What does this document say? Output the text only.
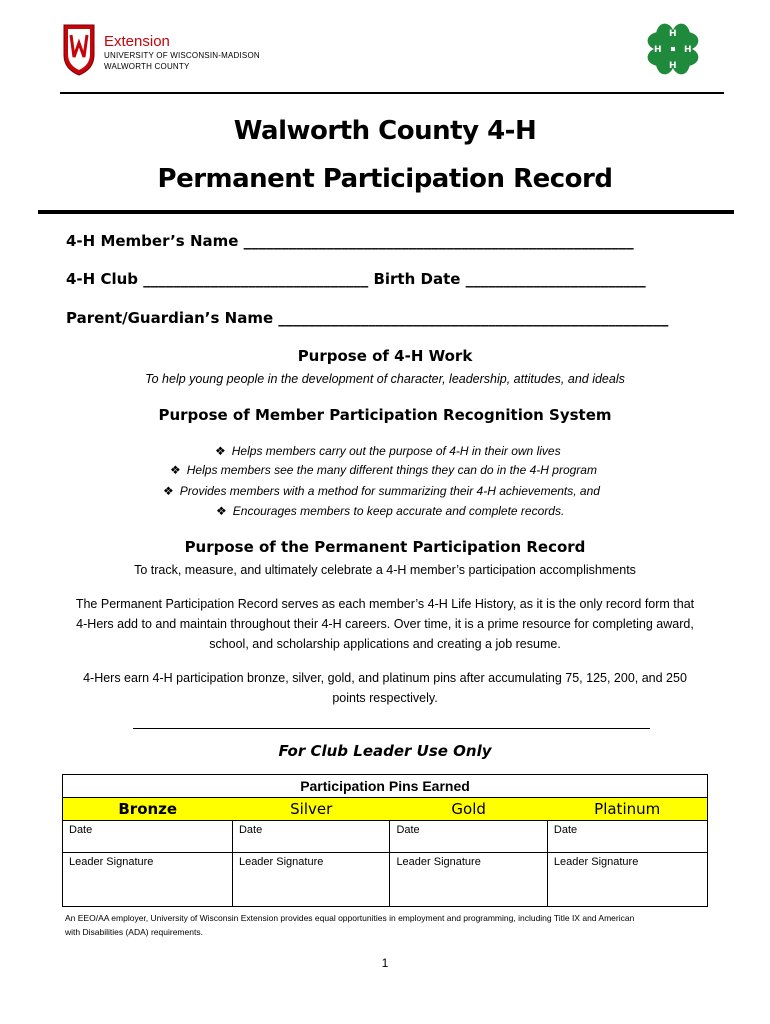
Extension
UNIVERSITY OF WISCONSIN-MADISON
WALWORTH COUNTY
H
H
H
H
Walworth County 4-H
Permanent Participation Record
4-H Member’s Name ____________________________________________________
4-H Club ______________________________ Birth Date ________________________
Parent/Guardian’s Name ____________________________________________________
Purpose of 4-H Work
To help young people in the development of character, leadership, attitudes, and ideals
Purpose of Member Participation Recognition System
❖ Helps members carry out the purpose of 4-H in their own lives
❖ Helps members see the many different things they can do in the 4-H program
❖ Provides members with a method for summarizing their 4-H achievements, and
❖ Encourages members to keep accurate and complete records.
Purpose of the Permanent Participation Record
To track, measure, and ultimately celebrate a 4-H member’s participation accomplishments
The Permanent Participation Record serves as each member’s 4-H Life History, as it is the only record form that
4-Hers add to and maintain throughout their 4-H careers. Over time, it is a prime resource for completing award,
school, and scholarship applications and creating a job resume.
4-Hers earn 4-H participation bronze, silver, gold, and platinum pins after accumulating 75, 125, 200, and 250
points respectively.
For Club Leader Use Only
Participation Pins Earned			
Bronze	Silver	Gold	Platinum
Date	Date	Date	Date
Leader Signature	Leader Signature	Leader Signature	Leader Signature
An EEO/AA employer, University of Wisconsin Extension provides equal opportunities in employment and programming, including Title IX and American
with Disabilities (ADA) requirements.
1
